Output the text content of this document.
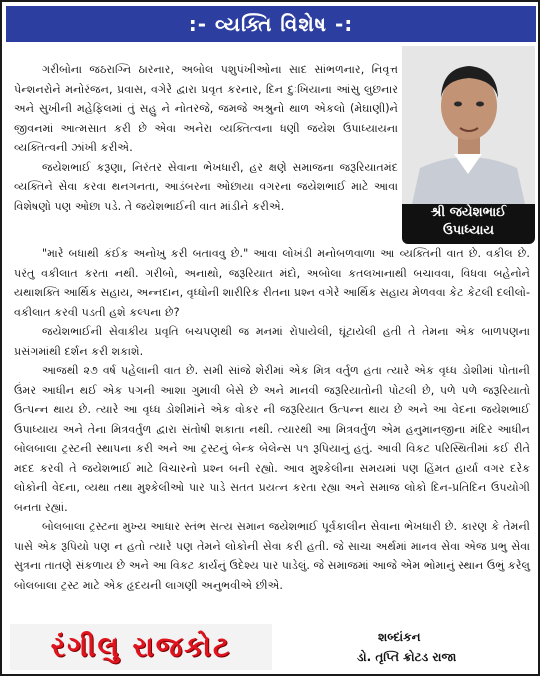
:- વ્યક્તિ વિશેષ -:

ગરીબોના જઠરાગ્નિ ઠારનાર, અબોલ પશુપંખીઓના સાદ સાંભળનાર, નિવૃત્ત પેન્શનરોને મનોરંજન, પ્રવાસ, વગેરે દ્વારા પ્રવૃત કરનાર, દિન દુઃખિયાના આંસુ લુછનાર અને સુખીની મહેફિલમાં તું સહુ ને નોતરજે, જમજે અશ્રુનો થાળ એકલો (મેઘાણી)ને જીવનમાં આત્મસાત કરી છે એવા અનેરા વ્યક્તિત્વના ધણી જયેશ ઉપાધ્યાયના વ્યક્તિત્વની ઝાંખી કરીએ.

જયેશભાઈ કરૂણા, નિરંતર સેવાના ભેખધારી, હર ક્ષણે સમાજના જરૂરિયાતમંદ વ્યક્તિને સેવા કરવા થનગનતા, આડંબરના ઓછાયા વગરના જયેશભાઈ માટે આવા વિશેષણો પણ ઓછા પડે. તે જયેશભાઈની વાત માંડીને કરીએ.	શ્રી જયેશભાઈ
ઉપાધ્યાય

"મારે બધાથી કંઈક અનોખુ કરી બતાવવુ છે." આવા લોખંડી મનોબળવાળા આ વ્યક્તિની વાત છે. વકીલ છે. પરંતુ વકીલાત કરતા નથી. ગરીબો, અનાથો, જરૂરિયાત મંદો, અબોલા કતલખાનાથી બચાવવા, વિધવા બહેનોને યથાશક્તિ આર્થિક સહાય, અન્નદાન, વૃધ્ધોની શારીરિક રીતના પ્રશ્ન વગેરે આર્થિક સહાય મેળવવા કેટ કેટલી દલીલો-વકીલાત કરવી પડતી હશે કલ્પના છે?

જયેશભાઈની સેવાકીય પ્રવૃતિ બચપણથી જ મનમાં રોપાયેલી, ઘૂંટાયેલી હતી તે તેમના એક બાળપણના પ્રસંગમાંથી દર્શન કરી શકાશે.

આજથી ૨૭ વર્ષ પહેલાની વાત છે. સમી સાંજે શેરીમાં એક મિત્ર વર્તુળ હતા ત્યારે એક વૃધ્ધ ડોશીમાં પોતાની ઉંમર આધીન થઈ એક પગની આશા ગુમાવી બેસે છે અને માનવી જરૂરિયાતોની પોટલી છે, પળે પળે જરૂરિયાતો ઉત્પન્ન થાય છે. ત્યારે આ વૃધ્ધ ડોશીમાંને એક વોકર ની જરૂરિયાત ઉત્પન્ન થાય છે અને આ વેદના જયેશભાઈ ઉપાધ્યાય અને તેના મિત્રવર્તુળ દ્વારા સંતોષી શકાતા નથી. ત્યારથી આ મિત્રવર્તુળ એમ હનુમાનજીના મંદિર આધીન બોલબાલા ટ્રસ્ટની સ્થાપના કરી અને આ ટ્રસ્ટનું બેન્ક બેલેન્સ ૫૧ રૂપિયાનું હતું. આવી વિકટ પરિસ્થિતીમાં કઈ રીતે મદદ કરવી તે જયેશભાઈ માટે વિચારનો પ્રશ્ન બની રહ્યો. આવ મુશ્કેલીના સમયમાં પણ હિંમત હાર્યા વગર દરેક લોકોની વેદના, વ્યથા તથા મુશ્કેલીઓ પાર પાડે સતત પ્રયત્ન કરતા રહ્યા અને સમાજ લોકો દિન-પ્રતિદિન ઉપયોગી બનતા રહ્યાં.

બોલબાલા ટ્રસ્ટના મુખ્ય આધાર સ્તંભ સત્ય સમાન જયેશભાઈ પૂર્વકાલીન સેવાના ભેખધારી છે. કારણ કે તેમની પાસે એક રૂપિયો પણ ન હતો ત્યારે પણ તેમને લોકોની સેવા કરી હતી. જે સાચા અર્થમાં માનવ સેવા એજ પ્રભુ સેવા સુત્રના તાતણે સંકળાય છે અને આ વિકટ કાર્યનું ઉદેશ્ય પાર પાડેલું. જે સમાજમાં આજે એમ ભોમાનું સ્થાન ઉભું કરેલુ બોલબાલા ટ્રસ્ટ માટે એક હૃદયની લાગણી અનુભવીએ છીએ.

રંગીલુ રાજકોટ	શબ્દાંકન
ડો. તૃપ્તિ ક્રોટડ રાજા
